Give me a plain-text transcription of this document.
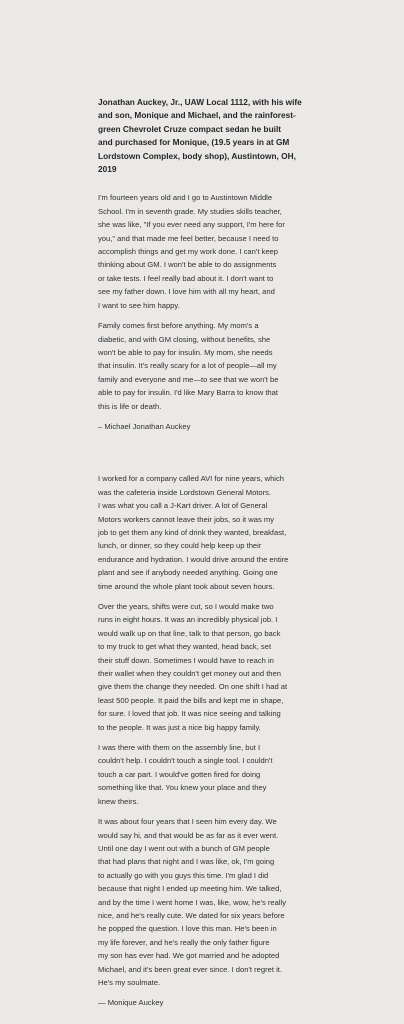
Jonathan Auckey, Jr., UAW Local 1112, with his wife
and son, Monique and Michael, and the rainforest-
green Chevrolet Cruze compact sedan he built
and purchased for Monique, (19.5 years in at GM
Lordstown Complex, body shop), Austintown, OH, 2019

I'm fourteen years old and I go to Austintown Middle
School. I'm in seventh grade. My studies skills teacher,
she was like, "If you ever need any support, I'm here for
you," and that made me feel better, because I need to
accomplish things and get my work done. I can't keep
thinking about GM. I won't be able to do assignments
or take tests. I feel really bad about it. I don't want to
see my father down. I love him with all my heart, and
I want to see him happy.

Family comes first before anything. My mom's a
diabetic, and with GM closing, without benefits, she
won't be able to pay for insulin. My mom, she needs
that insulin. It's really scary for a lot of people—all my
family and everyone and me—to see that we won't be
able to pay for insulin. I'd like Mary Barra to know that
this is life or death.

– Michael Jonathan Auckey

I worked for a company called AVI for nine years, which
was the cafeteria inside Lordstown General Motors.
I was what you call a J-Kart driver. A lot of General
Motors workers cannot leave their jobs, so it was my
job to get them any kind of drink they wanted, breakfast,
lunch, or dinner, so they could help keep up their
endurance and hydration. I would drive around the entire
plant and see if anybody needed anything. Going one
time around the whole plant took about seven hours.

Over the years, shifts were cut, so I would make two
runs in eight hours. It was an incredibly physical job. I
would walk up on that line, talk to that person, go back
to my truck to get what they wanted, head back, set
their stuff down. Sometimes I would have to reach in
their wallet when they couldn't get money out and then
give them the change they needed. On one shift I had at
least 500 people. It paid the bills and kept me in shape,
for sure. I loved that job. It was nice seeing and talking
to the people. It was just a nice big happy family.

I was there with them on the assembly line, but I
couldn't help. I couldn't touch a single tool. I couldn't
touch a car part. I would've gotten fired for doing
something like that. You knew your place and they
knew theirs.

It was about four years that I seen him every day. We
would say hi, and that would be as far as it ever went.
Until one day I went out with a bunch of GM people
that had plans that night and I was like, ok, I'm going
to actually go with you guys this time. I'm glad I did
because that night I ended up meeting him. We talked,
and by the time I went home I was, like, wow, he's really
nice, and he's really cute. We dated for six years before
he popped the question. I love this man. He's been in
my life forever, and he's really the only father figure
my son has ever had. We got married and he adopted
Michael, and it's been great ever since. I don't regret it.
He's my soulmate.

— Monique Auckey
